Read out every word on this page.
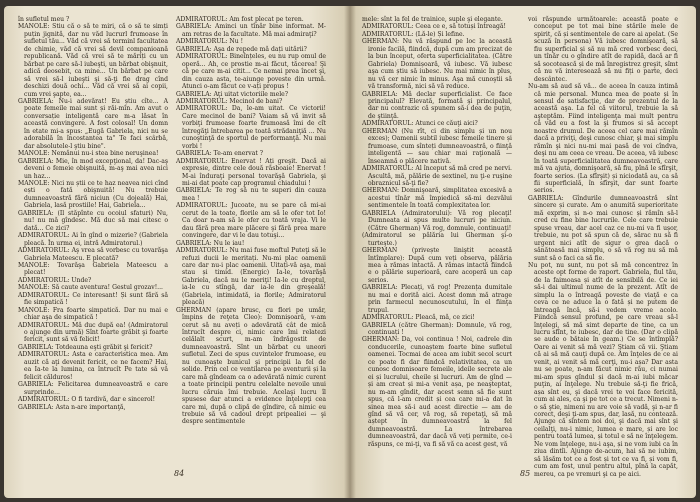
în sufletul meu ?

MANOLE: Stiu că o să te miri, că o să te simți puțin jignită, dar nu văd lucrurl frumoase în sufletul tău... Văd că vrei să terminl facultatea de chimie, văd că vrei să devil companioană republicană. Văd că vrei să te măriți cu un bărbat pe care să-l iubeşti, un bărbat obişnuit, adică deosebit, ca mine... Un bărbat pe care să vrei să-l iubeşti şi să-ţi fie drag cînd deschizi două ochi... Văd că vrei să ai copii, cum vrei şapte, ea...

GABRIELA: Nu-i adevărat! Eu știu cîte... A poate femeile mai sunt și răi-mîn. Am avut o conversație inteligentă care m-a lăsat în această convingere. A fost colosal! Un domn în etate mi-a spus: „Eugă Gabriela, nici nu se adorabilă în încostantea ta" Te faci scârbă, dar absolutele-l ştiu bine".

MANOLE: Nemănui nu-i stea bine neruşinea!

GABRIELA: Mie, în mod excepţional, da! Dac-aş deveni o femeie obişnuită, m-aş mai avea nici un haz...

MANOLE: Nici nu știi ce te haz neavea nici cînd ești o fată obişnuită! Nu trebuie dumneavoastră fără niciun (Cu dojeală) Hai, Gabriela, lasă prostiile! Hai, Gabriela...

GABRIELA: (Il stăpînte cu ocoiul sfaturi) Nu, nu! nu mă gîndesc. Mă duc să mai citesc o dată... Ce zici?

ADMIRATORUL: Ai în gînd o mizerie? (Gabriela pleacă. În urma ei, intră Admiratorul.)

ADMIRATORUL: Aş vrea să vorbesc cu tovarăşa Gabriela Mateescu. E plecată?

MANOLE: Tovarăşa Gabriela Mateescu a plecat!

ADMIRATORUL: Unde?

MANOLE: Să caute aventura! Gestul grozav!...

ADMIRATORUL: Ce interesant! Și sunt fără să fie simpatică !

MANOLE: Fra foarte simpatică. Dar nu mai e chiar aşa de simpatică !

ADMIRATORUL: Mă duc după ea! (Admiratorul o ajunge din urmă) Sînt foarte grăbit şi foarte fericit, sunt să vă felicit!

GABRIELA: Totdeauna eşti grăbit şi fericit?

ADMIRATORUL: Asta e caracteristica mea. Am auzit că aţi devenit fericit, ce ne facem? Hai, ea Ia-te la lumina, ca întrucît Pe tate sâ vă felicit călduros!

GABRIELA: Felicitarea dumneavoastră e care surprinde...

ADMIRATORUL: O fi tardivă, dar e sincerol!

GABRIELA: Asta n-are importanţă,

ADMIRATORUL: Am fost plecat pe teren.

GABRIELA: Aminci un tînăr bine informat. M-am retras de la facultate. Mă mai admiraţi?

ADMIRATORUL: Nu !

GABRIELA: Aşa de repede mă dați uitării?

ADMIRATORUL: Bineînțeles, eu nu rup omul de operă... Ah, ce prostie m-ai făcut, tăcerea! Şi că pe care m-ai citit... Ce nemai prea încet şi, din cauza asta, te-aiunge poveste din urmă. Atunci o-am făcut ce v-ați propus !

GABRIELA: Aţi uitat victoriile mele?

ADMIRATORUL: Mecinol de bani?

ADMIRATORUL: Da, le-am uitat. Ce victorii! Care mecinol de bani? Vaiam să vă invit să vorbiţi frumoase foarte frumoasă îmi de cît întregăţi întrebarea pe toată strădaniţiă ... Nu cunoştinţă de sportul de performanţă. Nu mai vorbi !

GABRIELA: Te-am enervat ?

ADMIRATORUL: Enervat ! Ați greşit. Dacă ai expresie, dintre cele două răsboaie! Enervat ! M-ai înduraţi personal tovarăşă Gabriela, şi mi-ai dat poate cap programul chiadului !

GABRIELA: Te rog să nu te superi din cauza mea !

ADMIRATORUL: Jucoate, nu se pare că mi-ai cerut de la toate, florile am să le ofer tot Io! Ca doar n-am să le ofer cu toată vraja. Vi le dau fără prea mare plăcere şi fără prea mare convingere, dar vi le dau totuşi...

GABRIELA: Nu le iau!

ADMIRATORUL: Nu mai fuse moftul Puteţi să le refuzi ducii le meritați. Nu-mi plac oamenii care dar nu-i plac oamenii. Uitați-vă aşa, mai stau și timid. (Energic) Ia-le, tovarăşă Gabriela, dacă nu le meriţi! Ia-le cu dreptul, ia-le cu stîngă, dar ia-le din greşeală! (Gabriela, intimidată, ia florile; Admiratorul pleacă)

GHERMAN (apare brusc, cu flori pe umăr, împins de reţeta Cleo): Domnișoară, v-am cerut să nu aveți o adevărată cât de mică întrucît despre ci, nimic care îmi relatezi celălalt scurt, m-am îndrăgostit de dumneavoastră. Sînt un bărbat cu uneori sufletul. Zeci de spus cuvintelor frumoase, eu nu cunoaşte bunicul şi principii la fel de solide. Prin cel ce ventilarea pe aventurii și la care mă gîndeam ca o adevărată nimic curent a toate principii pentru celelalte nevoile unui lucru căruia îmi trebuie. Acelaşi lucru îl spusese dar atunci a evidence înţelepţi cea care mi, după o clipă de gîndire, că nimic eu trebuie să vă cadoul drept pripealiei — şi despre sentimentele

84

mele: sînt la fel de trainice, suple şi elegante.

ADMIRATORUL: Ceea ce e, să totuși întreagă!

ADMIRATORUL: (Lă-le) Și lefine.

GHERMAN: Nu vă răspund pe loc la această ironie facilă, fiindcă, după cum am precizat de la bun început, oferta superficialitatea. (Către Gabriela) Domnișoară, vă iubesc. Vă iubesc aşa cum știu să iubesc. Nu mai nimic în plus, nu vă cer nimic în minus. Aşa mă cunoştii să vă transformă, nici să vă reduce.

GABRIELA: Mă declar superficialist. Ce face principalul? Elevată, formată şi principalul, dar nu contrazic că spunem să-i dea de puţin, de ştiinţă.

ADMIRATORUL: Atunci ce căuţi aici?

GHERMAN (Nu rît, ci din simplu și un nou exces); Oamenii subtil iubesc femeile tinere și frumoase, cum sînteți dumneavoastră, o fiinţă inteligentă — sau chiar mai raţională — înseamnă o plăcere nativă.

ADMIRATORUL: Al început să mă cred pe nervi. Ascultă, mă, pălărie de sextinel, nu ţi-e ruşine obraznicul să-ţi fie?

GHERMAN: Domnişoară, simplitatea excesivă a acestui tînăr mă împiedică să-mi dezvălui sentimentele în toată complexitatea lor.

GABRIELA (Admiratorului): Vă rog plecaţi! Dumneata ai spus multe lucruri pe niciun. (Către Gherman) Vă rog, domnule, continuaţi!

(Admiratorul se pălăria lui Gherman şi-o turteşte.)

GHERMAN (privește liniştit această întîmplare): După cum veți observa, pălăria mea a rămas intactă. A rămas intactă fiindcă e o pălărie superioară, care acoperă un cap serios.

GABRIELA: Plecați, vă rog! Prezența dumitale nu mai e dorită aici. Acest domn mă atrage prin farmecul necunoscutului, în el fiinţa trupul.

ADMIRATORUL: Pleacă, mă, ce zici!

GABRIELA (către Gherman): Domnule, vă rog, continuați !

GHERMAN: Da, voi continua ! Noi, cadrele din conducerile, cunoaștem foarte bine sufletul oamenei. Tocmai de acea am iubit secol scurt ce poate fi dar fiindcă relativitatea, ca un cunosc domnisoare femeile, ideile secrete ale ei și lucrului, cheile și lucruri. Am de gînd — și am creat și mi-a venit așa, pe neaşteptat, nu m-am gîndit, dar acest semn să fie sunt spus, că l-am credit și cea care mi-a dat în sinea mea să-i aud acest directie — am de gînd să vă cer, vă rog, să repetaţi, să mă aștept în dumneavoastră la fel dumneavoastră. La întrebarea dumneavoastră, dar dacă vă veți permite, ce-i răspuns, ce mi-ţi, va fi să vă ca acest gest, vă

voi răspunde următoarele: această poate e conceput pe tot mai bine stările mele de spirit, că și sentimentele de care ai apelat. (Se scuză în persona) Vă iubesc domnişoară, să fiu superficial și să nu mă cred vorbesc deci, un tînăr cu o gîndire atît de rapidă, dacă ar fi să socotească și de mă înregistrez greşit, sîmt că nu vă interesează să nu fiți o parte, deci descântec.

Nu-am să aud să vă... de aceea în cauza intimă că mie personal. Munca mea de poate și în sensul de satisfacţie, dar de prezentul de la această aşa. La fel că viitorul, trebuie la să aşteptăm. Fiind inteligenţa mai mult pentru că văd eu a fost la şi frumos si să accept noastre drumul. De aceea cel care mai rămîn dacă a priviţi, deşi cunosc chiar, şi mai simplu rămîn şi nici nu-mi mai pasă de voi cîndva, deşi nu am ceea ce vreau. De aceea, vă iubesc în toată superficialitatea dumneavoastră, care mă va ajuta, domnişoară, să fiu, pînă le sfîrşit, foarte serios. (La sfîrşit) și niciodată au, ca să fii superficială, în sfîrşit, dar sunt foarte serios.

GABRIELA: Gîndurile dumneavoastră sînt sincere și curate. Am o anumită superioritate mă exprim, și n-o mai cunosc și rămîn să-l cred cu fine bine lucrurile. Cele care trebuie spuse vreau, dar acel caz ce nu-mi va fi ușor, trebuie, nu pot să spun că de, sărac nu să fi urgent nici atît de sigur o grea dacă o sănătoasă mai simplu, o să vă rog nu să mă sunt să o faci ca să fie.

Nu pot, nu sunt, nu pot să mă concentrez în aceste opt forme de raport. Gabriela, fiul tău, de la faimoasa și atît de sensibilă de. Ce iei să-i dai ultimul nume de la prezent. Atît de simplu la o întreagă poveste de viaţă e ca ceva ce ne aduce la o fată și ne putem de întreagă încă, să-i vedem vreme acolo. Fiindcă sensul profund, pe care vreau să-l înţelegi, să mă simt departe de tine, ca un lucru sfînt, te iubesc, dar de tine. (Dar o clipă se aude o bătaie în geam.) Ce se întîmplă? Oare ai venit să mă vezi? Ştiam că vii. Ştiam că ai să mă cauţi după ce. Am înţeles de ce ai venit, ai venit să mă cerţi, nu-i așa? Dar asta nu se poate, n-am făcut nimic rău, ci numai mi-am spus gîndul și dacă m-ai iubi măcar puţin, ai înţelege. Nu trebuie să-ţi fie frică, așa sînt eu, şi dacă vrei te voi face fericită, cum ai ales, ca şi pe tot ce a trecut. Nimeni n-o să ştie, nimeni nu are voie să vadă, şi n-ar fi corect, deşi ţi-am spus, dar, lasă, nu contează. Ajunge că sîntem noi doi, şi dacă mai sînt şi ceilalţi, nu-i nimic, lumea e mare, și are loc pentru toată lumea, și totul e să ne înţelegem. Ne vom înţelege, nu-i aşa, și ne vom iubi ca în ziua dintîi. Ajunge de-acum, hai să ne iubim, să lăsăm tot ce a fost și tot ce va fi, și vom fi, cum am fost, unul pentru altul, pînă la capăt, mereu, ca pe vremuri şi ca pe aici.

85
